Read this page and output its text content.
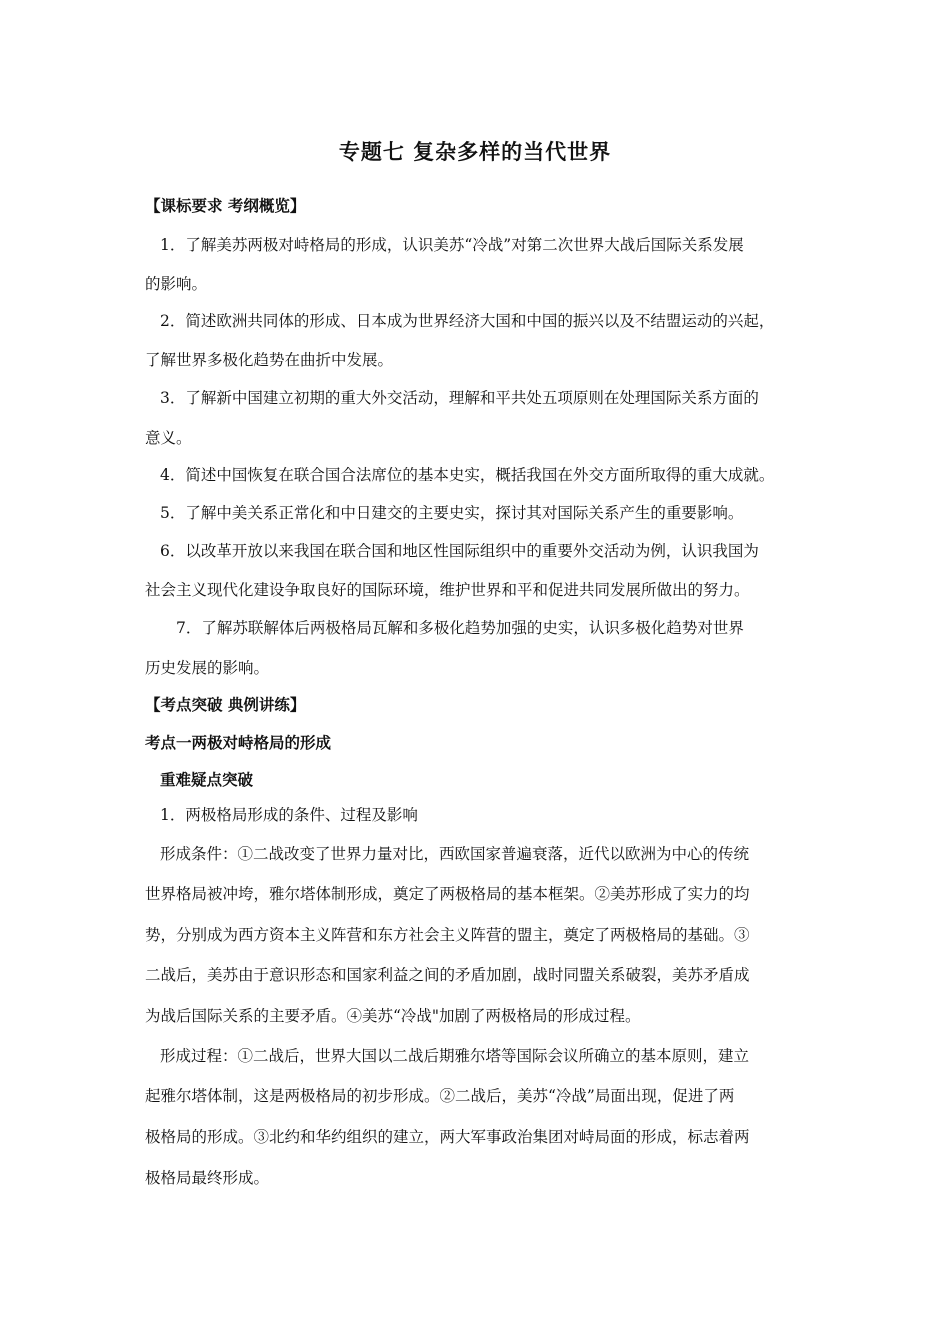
专题七 复杂多样的当代世界
【课标要求 考纲概览】
1．了解美苏两极对峙格局的形成，认识美苏“冷战”对第二次世界大战后国际关系发展
的影响。
2．简述欧洲共同体的形成、日本成为世界经济大国和中国的振兴以及不结盟运动的兴起，
了解世界多极化趋势在曲折中发展。
3．了解新中国建立初期的重大外交活动，理解和平共处五项原则在处理国际关系方面的
意义。
4．简述中国恢复在联合国合法席位的基本史实，概括我国在外交方面所取得的重大成就。
5．了解中美关系正常化和中日建交的主要史实，探讨其对国际关系产生的重要影响。
6．以改革开放以来我国在联合国和地区性国际组织中的重要外交活动为例，认识我国为
社会主义现代化建设争取良好的国际环境，维护世界和平和促进共同发展所做出的努力。
7．了解苏联解体后两极格局瓦解和多极化趋势加强的史实，认识多极化趋势对世界
历史发展的影响。
【考点突破 典例讲练】
考点一两极对峙格局的形成
重难疑点突破
1．两极格局形成的条件、过程及影响
形成条件：①二战改变了世界力量对比，西欧国家普遍衰落，近代以欧洲为中心的传统
世界格局被冲垮，雅尔塔体制形成，奠定了两极格局的基本框架。②美苏形成了实力的均
势，分别成为西方资本主义阵营和东方社会主义阵营的盟主，奠定了两极格局的基础。③
二战后，美苏由于意识形态和国家利益之间的矛盾加剧，战时同盟关系破裂，美苏矛盾成
为战后国际关系的主要矛盾。④美苏“冷战"加剧了两极格局的形成过程。
形成过程：①二战后，世界大国以二战后期雅尔塔等国际会议所确立的基本原则，建立
起雅尔塔体制，这是两极格局的初步形成。②二战后，美苏“冷战”局面出现，促进了两
极格局的形成。③北约和华约组织的建立，两大军事政治集团对峙局面的形成，标志着两
极格局最终形成。
